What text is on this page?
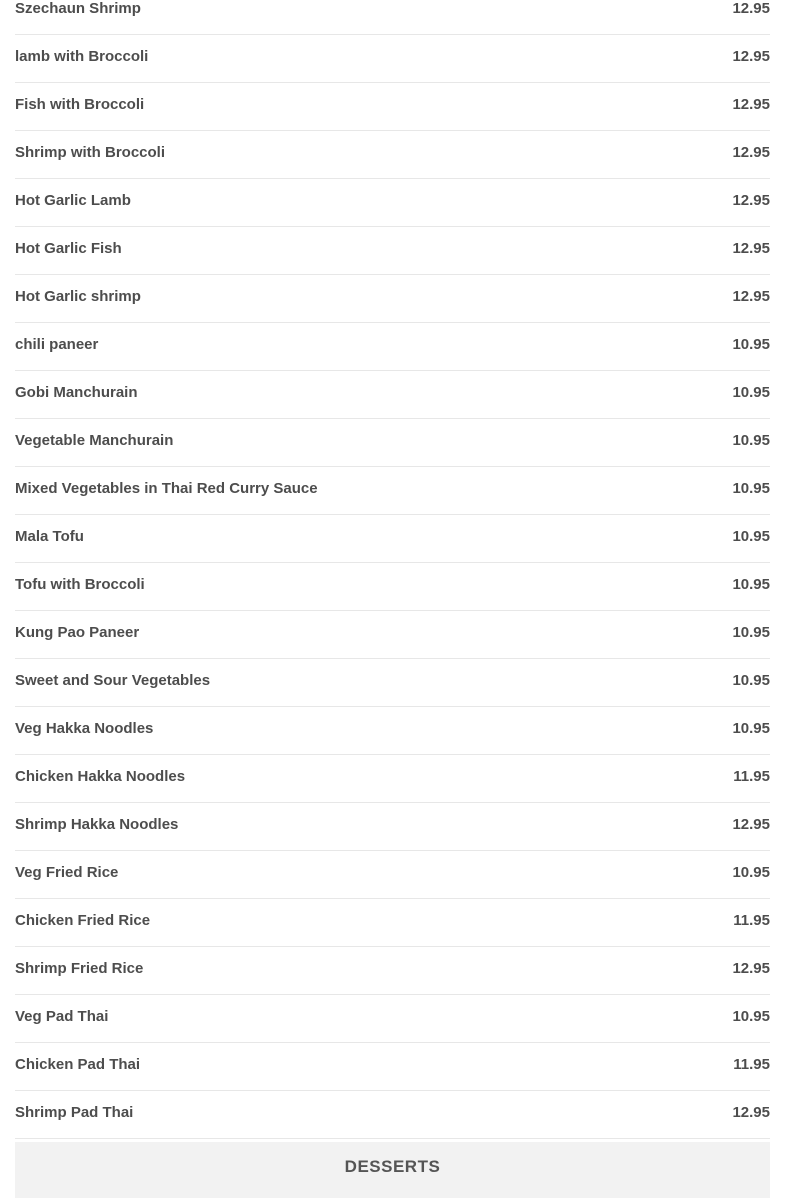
Szechaun Shrimp	12.95
lamb with Broccoli	12.95
Fish with Broccoli	12.95
Shrimp with Broccoli	12.95
Hot Garlic Lamb	12.95
Hot Garlic Fish	12.95
Hot Garlic shrimp	12.95
chili paneer	10.95
Gobi Manchurain	10.95
Vegetable Manchurain	10.95
Mixed Vegetables in Thai Red Curry Sauce	10.95
Mala Tofu	10.95
Tofu with Broccoli	10.95
Kung Pao Paneer	10.95
Sweet and Sour Vegetables	10.95
Veg Hakka Noodles	10.95
Chicken Hakka Noodles	11.95
Shrimp Hakka Noodles	12.95
Veg Fried Rice	10.95
Chicken Fried Rice	11.95
Shrimp Fried Rice	12.95
Veg Pad Thai	10.95
Chicken Pad Thai	11.95
Shrimp Pad Thai	12.95
DESSERTS
